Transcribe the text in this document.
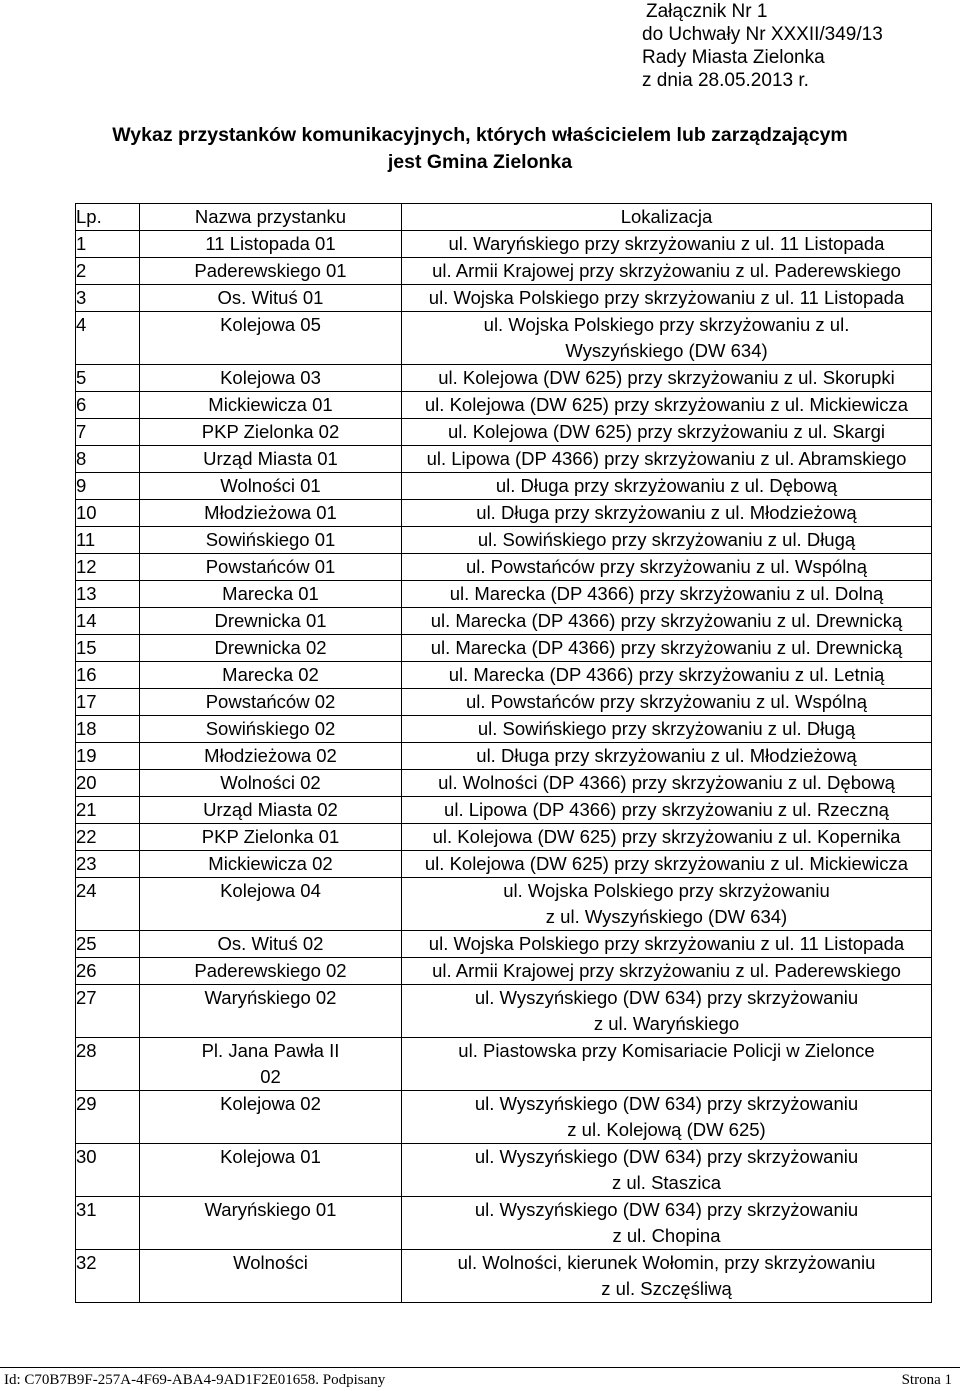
Załącznik Nr 1
do Uchwały Nr XXXII/349/13
Rady Miasta Zielonka
z dnia 28.05.2013 r.
Wykaz przystanków komunikacyjnych, których właścicielem lub zarządzającym
jest Gmina Zielonka
Lp.	Nazwa przystanku	Lokalizacja
1	11 Listopada 01	ul. Waryńskiego przy skrzyżowaniu z ul. 11 Listopada

2	Paderewskiego 01	ul. Armii Krajowej przy skrzyżowaniu z ul. Paderewskiego

3	Os. Wituś 01	ul. Wojska Polskiego przy skrzyżowaniu z ul. 11 Listopada

4	Kolejowa 05	ul. Wojska Polskiego przy skrzyżowaniu z ul.
Wyszyńskiego (DW 634)

5	Kolejowa 03	ul. Kolejowa (DW 625) przy skrzyżowaniu z ul. Skorupki

6	Mickiewicza 01	ul. Kolejowa (DW 625) przy skrzyżowaniu z ul. Mickiewicza

7	PKP Zielonka 02	ul. Kolejowa (DW 625) przy skrzyżowaniu z ul. Skargi

8	Urząd Miasta 01	ul. Lipowa (DP 4366) przy skrzyżowaniu z ul. Abramskiego

9	Wolności 01	ul. Długa przy skrzyżowaniu z ul. Dębową

10	Młodzieżowa 01	ul. Długa przy skrzyżowaniu z ul. Młodzieżową

11	Sowińskiego 01	ul. Sowińskiego przy skrzyżowaniu z ul. Długą

12	Powstańców 01	ul. Powstańców przy skrzyżowaniu z ul. Wspólną

13	Marecka 01	ul. Marecka (DP 4366) przy skrzyżowaniu z ul. Dolną

14	Drewnicka 01	ul. Marecka (DP 4366) przy skrzyżowaniu z ul. Drewnicką

15	Drewnicka 02	ul. Marecka (DP 4366) przy skrzyżowaniu z ul. Drewnicką

16	Marecka 02	ul. Marecka (DP 4366) przy skrzyżowaniu z ul. Letnią

17	Powstańców 02	ul. Powstańców przy skrzyżowaniu z ul. Wspólną

18	Sowińskiego 02	ul. Sowińskiego przy skrzyżowaniu z ul. Długą

19	Młodzieżowa 02	ul. Długa przy skrzyżowaniu z ul. Młodzieżową

20	Wolności 02	ul. Wolności (DP 4366) przy skrzyżowaniu z ul. Dębową

21	Urząd Miasta 02	ul. Lipowa (DP 4366) przy skrzyżowaniu z ul. Rzeczną

22	PKP Zielonka 01	ul. Kolejowa (DW 625) przy skrzyżowaniu z ul. Kopernika

23	Mickiewicza 02	ul. Kolejowa (DW 625) przy skrzyżowaniu z ul. Mickiewicza

24	Kolejowa 04	ul. Wojska Polskiego przy skrzyżowaniu
z ul. Wyszyńskiego (DW 634)

25	Os. Wituś 02	ul. Wojska Polskiego przy skrzyżowaniu z ul. 11 Listopada

26	Paderewskiego 02	ul. Armii Krajowej przy skrzyżowaniu z ul. Paderewskiego

27	Waryńskiego 02	ul. Wyszyńskiego (DW 634) przy skrzyżowaniu
z ul. Waryńskiego

28	Pl. Jana Pawła II
02	ul. Piastowska przy Komisariacie Policji w Zielonce

29	Kolejowa 02	ul. Wyszyńskiego (DW 634) przy skrzyżowaniu
z ul. Kolejową (DW 625)

30	Kolejowa 01	ul. Wyszyńskiego (DW 634) przy skrzyżowaniu
z ul. Staszica

31	Waryńskiego 01	ul. Wyszyńskiego (DW 634) przy skrzyżowaniu
z ul. Chopina

32	Wolności	ul. Wolności, kierunek Wołomin, przy skrzyżowaniu
z ul. Szczęśliwą
Id: C70B7B9F-257A-4F69-ABA4-9AD1F2E01658. Podpisany	Strona 1
